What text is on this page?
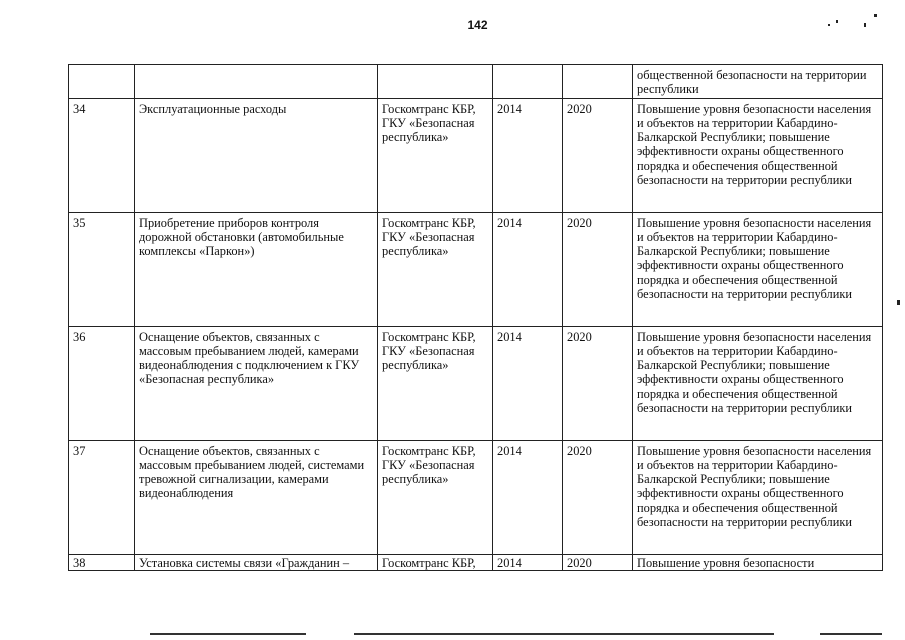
142
					общественной безопасности на территории республики
34	Эксплуатационные расходы	Госкомтранс КБР, ГКУ «Безопасная республика»	2014	2020	Повышение уровня безопасности населения и объектов на территории Кабардино-Балкарской Республики; повышение эффективности охраны общественного порядка и обеспечения общественной безопасности на территории республики
35	Приобретение приборов контроля дорожной обстановки (автомобильные комплексы «Паркон»)	Госкомтранс КБР, ГКУ «Безопасная республика»	2014	2020	Повышение уровня безопасности населения и объектов на территории Кабардино-Балкарской Республики; повышение эффективности охраны общественного порядка и обеспечения общественной безопасности на территории республики
36	Оснащение объектов, связанных с массовым пребыванием людей, камерами видеонаблюдения с подключением к ГКУ «Безопасная республика»	Госкомтранс КБР, ГКУ «Безопасная республика»	2014	2020	Повышение уровня безопасности населения и объектов на территории Кабардино-Балкарской Республики; повышение эффективности охраны общественного порядка и обеспечения общественной безопасности на территории республики
37	Оснащение объектов, связанных с массовым пребыванием людей, системами тревожной сигнализации, камерами видеонаблюдения	Госкомтранс КБР, ГКУ «Безопасная республика»	2014	2020	Повышение уровня безопасности населения и объектов на территории Кабардино-Балкарской Республики; повышение эффективности охраны общественного порядка и обеспечения общественной безопасности на территории республики
38	Установка системы связи «Гражданин –	Госкомтранс КБР,	2014	2020	Повышение уровня безопасности
